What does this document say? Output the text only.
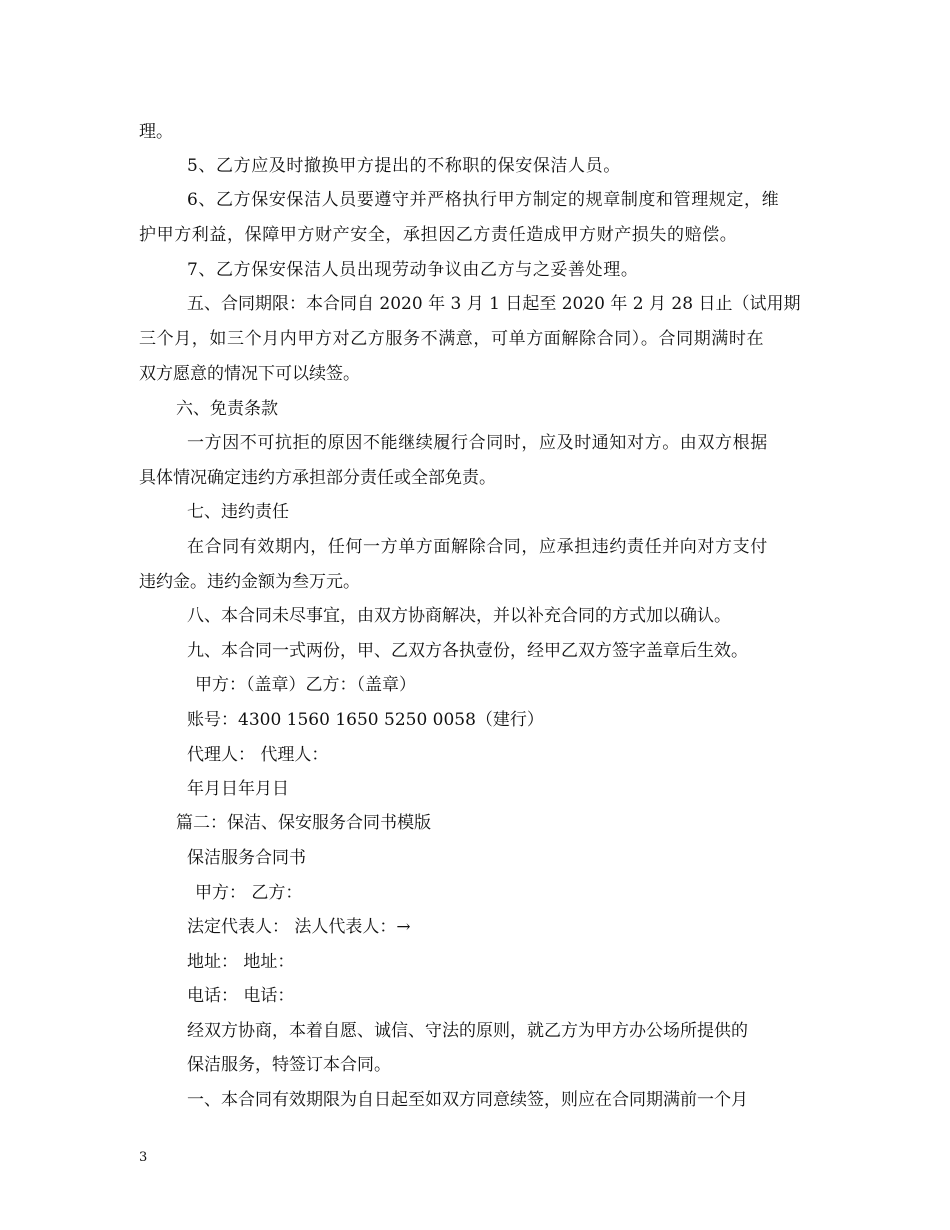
理。
5、乙方应及时撤换甲方提出的不称职的保安保洁人员。
6、乙方保安保洁人员要遵守并严格执行甲方制定的规章制度和管理规定，维
护甲方利益，保障甲方财产安全，承担因乙方责任造成甲方财产损失的赔偿。
7、乙方保安保洁人员出现劳动争议由乙方与之妥善处理。
五、合同期限：本合同自 2020 年 3 月 1 日起至 2020 年 2 月 28 日止（试用期
三个月，如三个月内甲方对乙方服务不满意，可单方面解除合同）。合同期满时在
双方愿意的情况下可以续签。
六、免责条款
一方因不可抗拒的原因不能继续履行合同时，应及时通知对方。由双方根据
具体情况确定违约方承担部分责任或全部免责。
七、违约责任
在合同有效期内，任何一方单方面解除合同，应承担违约责任并向对方支付
违约金。违约金额为叁万元。
八、本合同未尽事宜，由双方协商解决，并以补充合同的方式加以确认。
九、本合同一式两份，甲、乙双方各执壹份，经甲乙双方签字盖章后生效。
甲方：（盖章）乙方：（盖章）
账号：4300 1560 1650 5250 0058（建行）
代理人： 代理人：
年月日年月日
篇二：保洁、保安服务合同书模版
保洁服务合同书
甲方： 乙方：
法定代表人： 法人代表人：→
地址： 地址：
电话： 电话：
经双方协商，本着自愿、诚信、守法的原则，就乙方为甲方办公场所提供的
保洁服务，特签订本合同。
一、本合同有效期限为自日起至如双方同意续签，则应在合同期满前一个月
3
